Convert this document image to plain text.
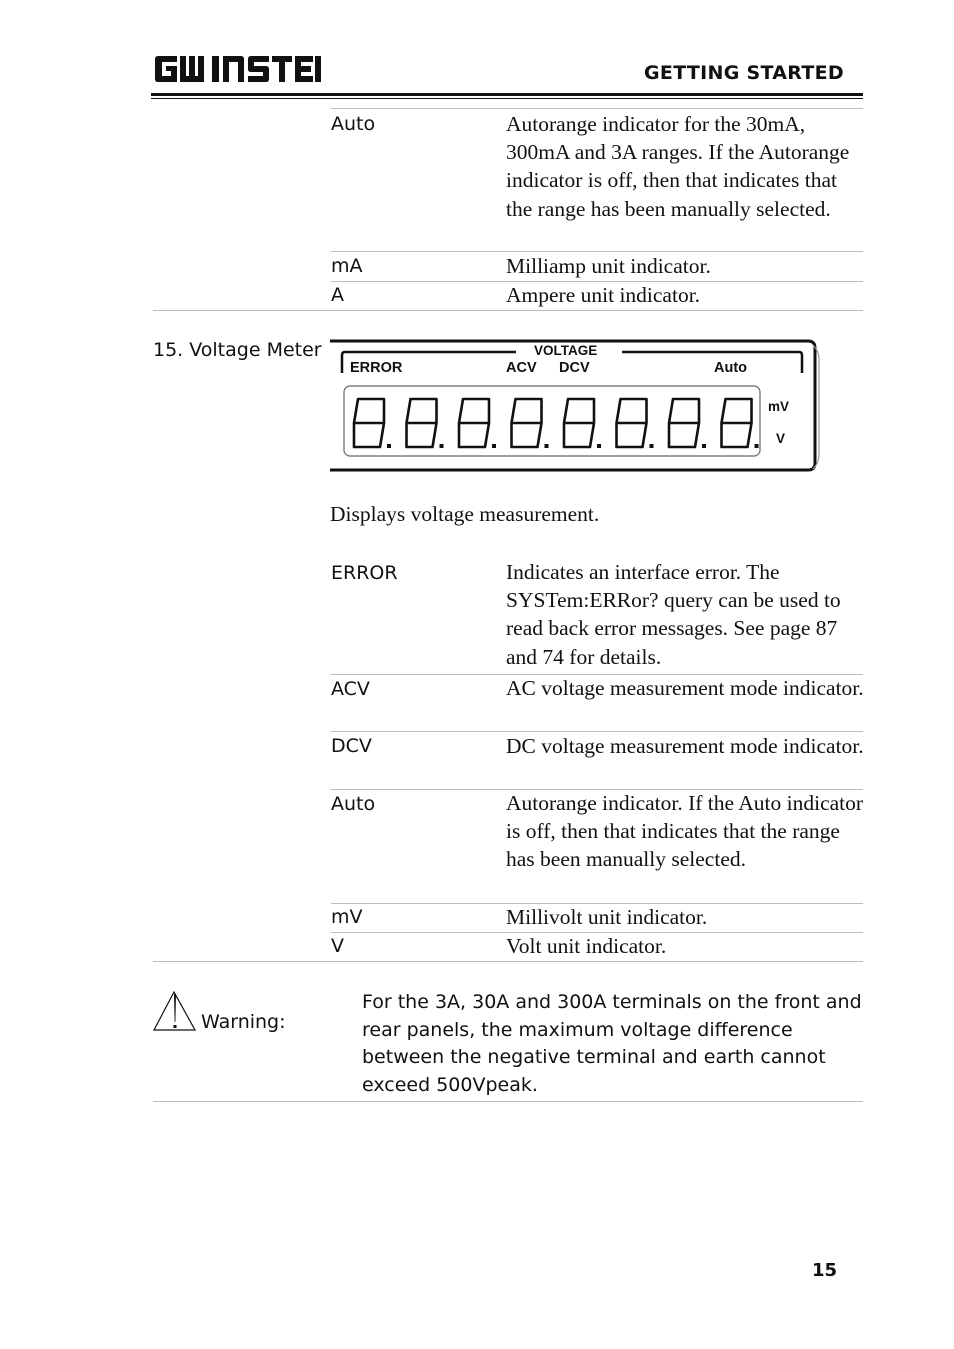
GETTING STARTED
Auto	Autorange indicator for the 30mA, 300mA and 3A ranges. If the Autorange indicator is off, then that indicates that the range has been manually selected.
mA	Milliamp unit indicator.
A	Ampere unit indicator.
15. Voltage Meter	VOLTAGE
ERROR	ACV DCV	Auto
mV
V
Displays voltage measurement.
ERROR	Indicates an interface error. The SYSTem:ERRor? query can be used to read back error messages. See page 87 and 74 for details.
ACV	AC voltage measurement mode indicator.
DCV	DC voltage measurement mode indicator.
Auto	Autorange indicator. If the Auto indicator is off, then that indicates that the range has been manually selected.
mV	Millivolt unit indicator.
V	Volt unit indicator.
Warning:
For the 3A, 30A and 300A terminals on the front and rear panels, the maximum voltage difference between the negative terminal and earth cannot exceed 500Vpeak.
15
